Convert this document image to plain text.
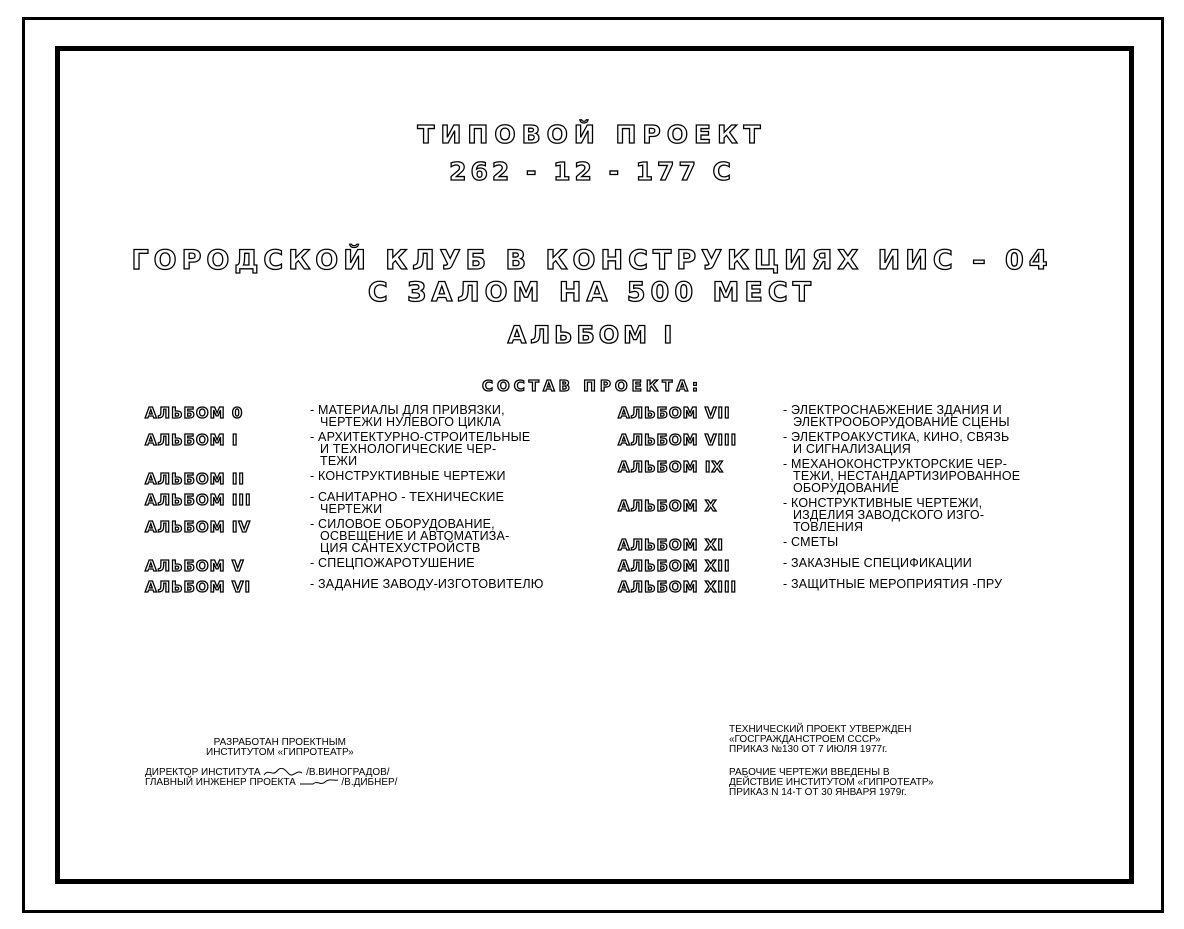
ТИПОВОЙ ПРОЕКТ
262 - 12 - 177 С
ГОРОДСКОЙ КЛУБ В КОНСТРУКЦИЯХ ИИС – 04
С ЗАЛОМ НА 500 МЕСТ
АЛЬБОМ I
СОСТАВ ПРОЕКТА:
АЛЬБОМ 0	- МАТЕРИАЛЫ ДЛЯ ПРИВЯЗКИ,
ЧЕРТЕЖИ НУЛЕВОГО ЦИКЛА
АЛЬБОМ I	- АРХИТЕКТУРНО-СТРОИТЕЛЬНЫЕ
И ТЕХНОЛОГИЧЕСКИЕ ЧЕР-
ТЕЖИ
АЛЬБОМ II	- КОНСТРУКТИВНЫЕ ЧЕРТЕЖИ
АЛЬБОМ III	- САНИТАРНО - ТЕХНИЧЕСКИЕ
ЧЕРТЕЖИ
АЛЬБОМ IV	- СИЛОВОЕ ОБОРУДОВАНИЕ,
ОСВЕЩЕНИЕ И АВТОМАТИЗА-
ЦИЯ САНТЕХУСТРОЙСТВ
АЛЬБОМ V	- СПЕЦПОЖАРОТУШЕНИЕ
АЛЬБОМ VI	- ЗАДАНИЕ ЗАВОДУ-ИЗГОТОВИТЕЛЮ
АЛЬБОМ VII	- ЭЛЕКТРОСНАБЖЕНИЕ ЗДАНИЯ И
ЭЛЕКТРООБОРУДОВАНИЕ СЦЕНЫ
АЛЬБОМ VIII	- ЭЛЕКТРОАКУСТИКА, КИНО, СВЯЗЬ
И СИГНАЛИЗАЦИЯ
АЛЬБОМ IX	- МЕХАНОКОНСТРУКТОРСКИЕ ЧЕР-
ТЕЖИ, НЕСТАНДАРТИЗИРОВАННОЕ
ОБОРУДОВАНИЕ
АЛЬБОМ X	- КОНСТРУКТИВНЫЕ ЧЕРТЕЖИ,
ИЗДЕЛИЯ ЗАВОДСКОГО ИЗГО-
ТОВЛЕНИЯ
АЛЬБОМ XI	- СМЕТЫ
АЛЬБОМ XII	- ЗАКАЗНЫЕ СПЕЦИФИКАЦИИ
АЛЬБОМ XIII	- ЗАЩИТНЫЕ МЕРОПРИЯТИЯ -ПРУ
РАЗРАБОТАН ПРОЕКТНЫМ
ИНСТИТУТОМ «ГИПРОТЕАТР»
ДИРЕКТОР ИНСТИТУТА	/В.ВИНОГРАДОВ/
ГЛАВНЫЙ ИНЖЕНЕР ПРОЕКТА	/В.ДИБНЕР/
ТЕХНИЧЕСКИЙ ПРОЕКТ УТВЕРЖДЕН
«ГОСГРАЖДАНСТРОЕМ СССР»
ПРИКАЗ №130 ОТ 7 ИЮЛЯ 1977г.
РАБОЧИЕ ЧЕРТЕЖИ ВВЕДЕНЫ В
ДЕЙСТВИЕ ИНСТИТУТОМ «ГИПРОТЕАТР»
ПРИКАЗ N 14-Т ОТ 30 ЯНВАРЯ 1979г.
